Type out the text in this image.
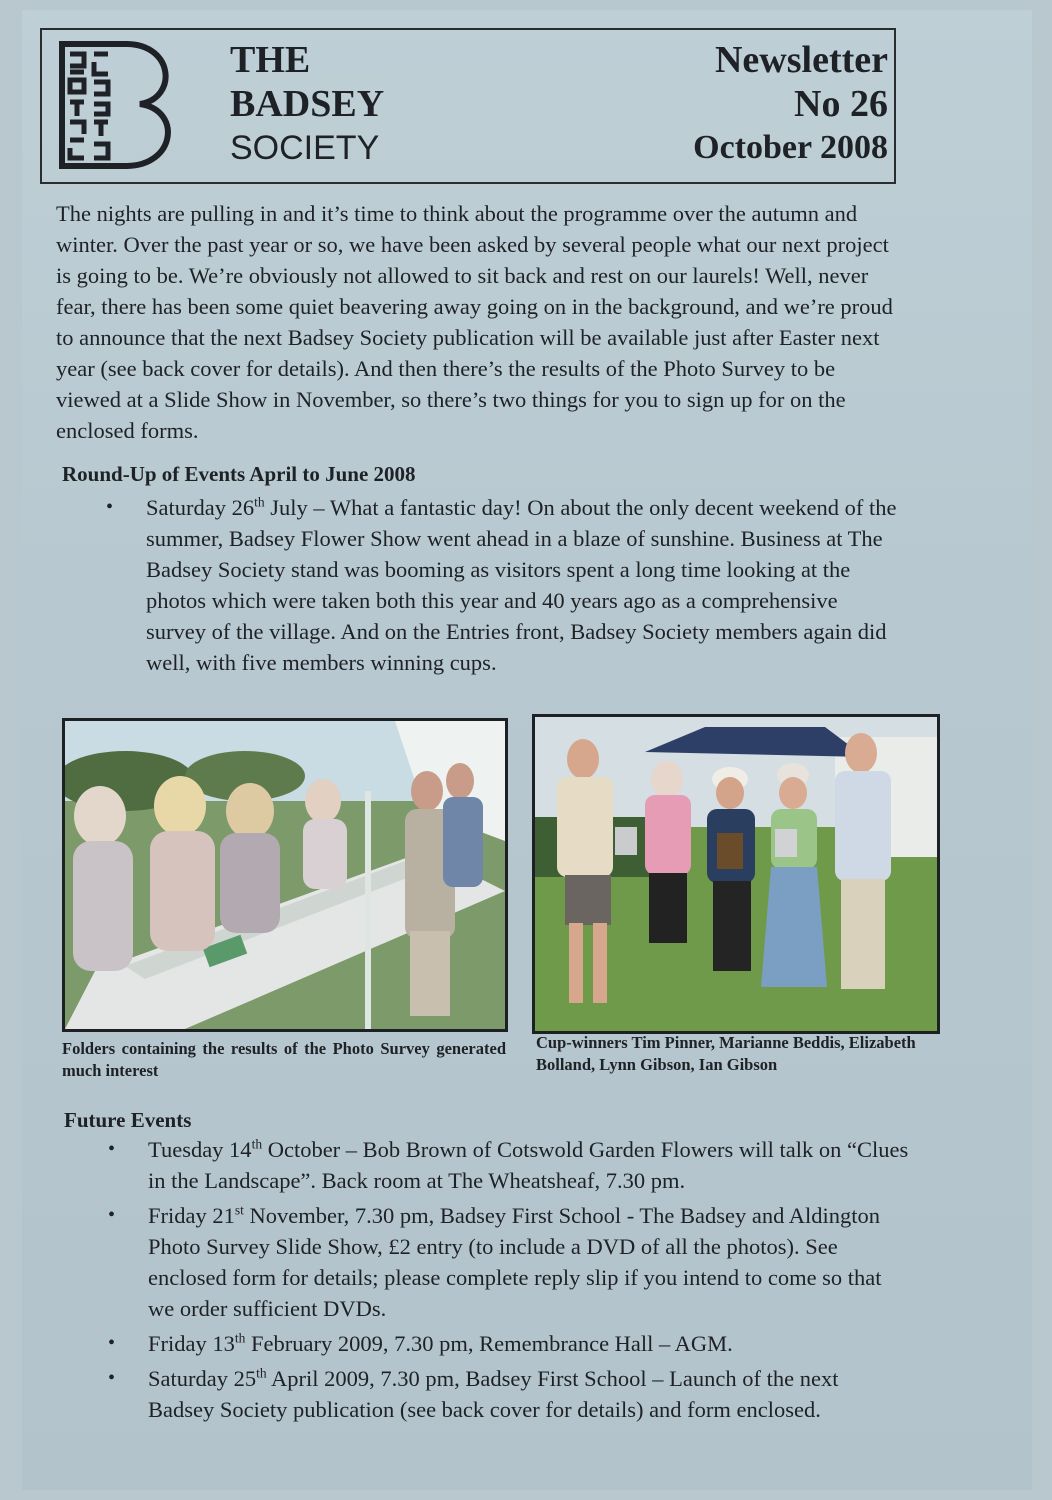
THE
BADSEY
SOCIETY
Newsletter
No 26
October 2008

The nights are pulling in and it’s time to think about the programme over the autumn and winter. Over the past year or so, we have been asked by several people what our next project is going to be. We’re obviously not allowed to sit back and rest on our laurels! Well, never fear, there has been some quiet beavering away going on in the background, and we’re proud to announce that the next Badsey Society publication will be available just after Easter next year (see back cover for details). And then there’s the results of the Photo Survey to be viewed at a Slide Show in November, so there’s two things for you to sign up for on the enclosed forms.

Round-Up of Events April to June 2008
• Saturday 26th July – What a fantastic day! On about the only decent weekend of the summer, Badsey Flower Show went ahead in a blaze of sunshine. Business at The Badsey Society stand was booming as visitors spent a long time looking at the photos which were taken both this year and 40 years ago as a comprehensive survey of the village. And on the Entries front, Badsey Society members again did well, with five members winning cups.

Folders containing the results of the Photo Survey generated much interest

Cup-winners Tim Pinner, Marianne Beddis, Elizabeth Bolland, Lynn Gibson, Ian Gibson

Future Events
• Tuesday 14th October – Bob Brown of Cotswold Garden Flowers will talk on “Clues in the Landscape”. Back room at The Wheatsheaf, 7.30 pm.
• Friday 21st November, 7.30 pm, Badsey First School - The Badsey and Aldington Photo Survey Slide Show, £2 entry (to include a DVD of all the photos). See enclosed form for details; please complete reply slip if you intend to come so that we order sufficient DVDs.
• Friday 13th February 2009, 7.30 pm, Remembrance Hall – AGM.
• Saturday 25th April 2009, 7.30 pm, Badsey First School – Launch of the next Badsey Society publication (see back cover for details) and form enclosed.
